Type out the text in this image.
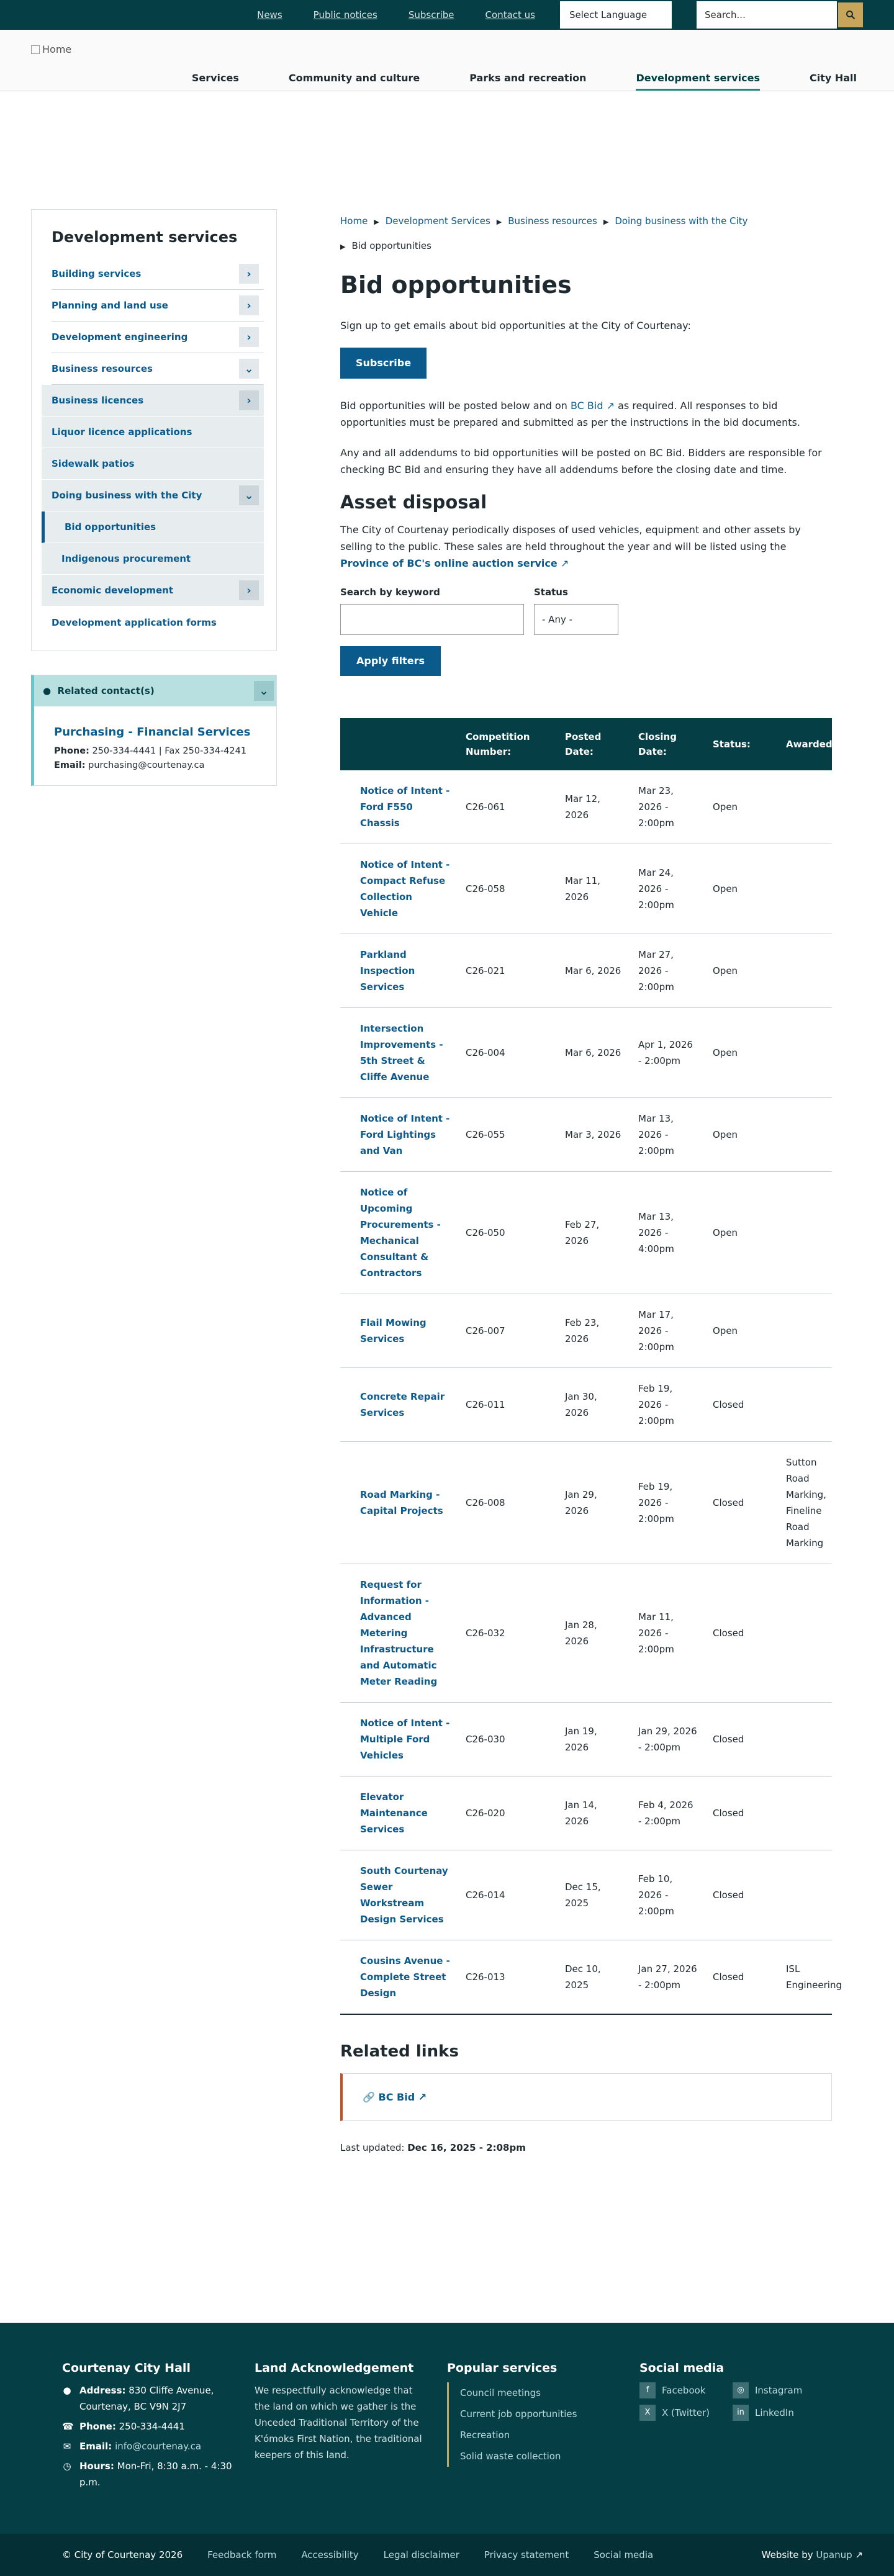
News	Public notices	Subscribe	Contact us	Select Language	Search...
Home
Services	Community and culture	Parks and recreation	Development services	City Hall
Development services
Building services	›
Planning and land use	›
Development engineering	›
Business resources	⌄
Business licences	›
Liquor licence applications
Sidewalk patios
Doing business with the City	⌄
Bid opportunities
Indigenous procurement
Economic development	›
Development application forms
● Related contact(s)	⌄
Purchasing - Financial Services
Phone: 250-334-4441 | Fax 250-334-4241
Email: purchasing@courtenay.ca
Home ▶ Development Services ▶ Business resources ▶ Doing business with the City
▶ Bid opportunities
Bid opportunities

Sign up to get emails about bid opportunities at the City of Courtenay:

Subscribe

Bid opportunities will be posted below and on BC Bid ↗ as required. All responses to bid opportunities must be prepared and submitted as per the instructions in the bid documents.

Any and all addendums to bid opportunities will be posted on BC Bid. Bidders are responsible for checking BC Bid and ensuring they have all addendums before the closing date and time.

Asset disposal

The City of Courtenay periodically disposes of used vehicles, equipment and other assets by selling to the public. These sales are held throughout the year and will be listed using the Province of BC's online auction service ↗

Search by keyword	Status
- Any -
Apply filters
	Competition Number:	Posted Date:	Closing Date:	Status:	Awarded
Notice of Intent - Ford F550 Chassis	C26-061	Mar 12, 2026	Mar 23, 2026 - 2:00pm	Open	
Notice of Intent - Compact Refuse Collection Vehicle	C26-058	Mar 11, 2026	Mar 24, 2026 - 2:00pm	Open	
Parkland Inspection Services	C26-021	Mar 6, 2026	Mar 27, 2026 - 2:00pm	Open	
Intersection Improvements - 5th Street & Cliffe Avenue	C26-004	Mar 6, 2026	Apr 1, 2026 - 2:00pm	Open	
Notice of Intent - Ford Lightings and Van	C26-055	Mar 3, 2026	Mar 13, 2026 - 2:00pm	Open	
Notice of Upcoming Procurements - Mechanical Consultant & Contractors	C26-050	Feb 27, 2026	Mar 13, 2026 - 4:00pm	Open	
Flail Mowing Services	C26-007	Feb 23, 2026	Mar 17, 2026 - 2:00pm	Open	
Concrete Repair Services	C26-011	Jan 30, 2026	Feb 19, 2026 - 2:00pm	Closed	
Road Marking - Capital Projects	C26-008	Jan 29, 2026	Feb 19, 2026 - 2:00pm	Closed	Sutton Road Marking, Fineline Road Marking
Request for Information - Advanced Metering Infrastructure and Automatic Meter Reading	C26-032	Jan 28, 2026	Mar 11, 2026 - 2:00pm	Closed	
Notice of Intent - Multiple Ford Vehicles	C26-030	Jan 19, 2026	Jan 29, 2026 - 2:00pm	Closed	
Elevator Maintenance Services	C26-020	Jan 14, 2026	Feb 4, 2026 - 2:00pm	Closed	
South Courtenay Sewer Workstream Design Services	C26-014	Dec 15, 2025	Feb 10, 2026 - 2:00pm	Closed	
Cousins Avenue - Complete Street Design	C26-013	Dec 10, 2025	Jan 27, 2026 - 2:00pm	Closed	ISL Engineering
Related links
🔗 BC Bid ↗
Last updated: Dec 16, 2025 - 2:08pm
Courtenay City Hall
● Address: 830 Cliffe Avenue, Courtenay, BC V9N 2J7
☎ Phone: 250-334-4441
✉ Email: info@courtenay.ca
◷ Hours: Mon-Fri, 8:30 a.m. - 4:30 p.m.
Land Acknowledgement
We respectfully acknowledge that the land on which we gather is the Unceded Traditional Territory of the K'ómoks First Nation, the traditional keepers of this land.
Popular services
Council meetings
Current job opportunities
Recreation
Solid waste collection
Social media
f	Facebook	◎	Instagram
X	X (Twitter)	in	LinkedIn
© City of Courtenay 2026	Feedback form	Accessibility	Legal disclaimer	Privacy statement	Social media	Website by Upanup ↗
